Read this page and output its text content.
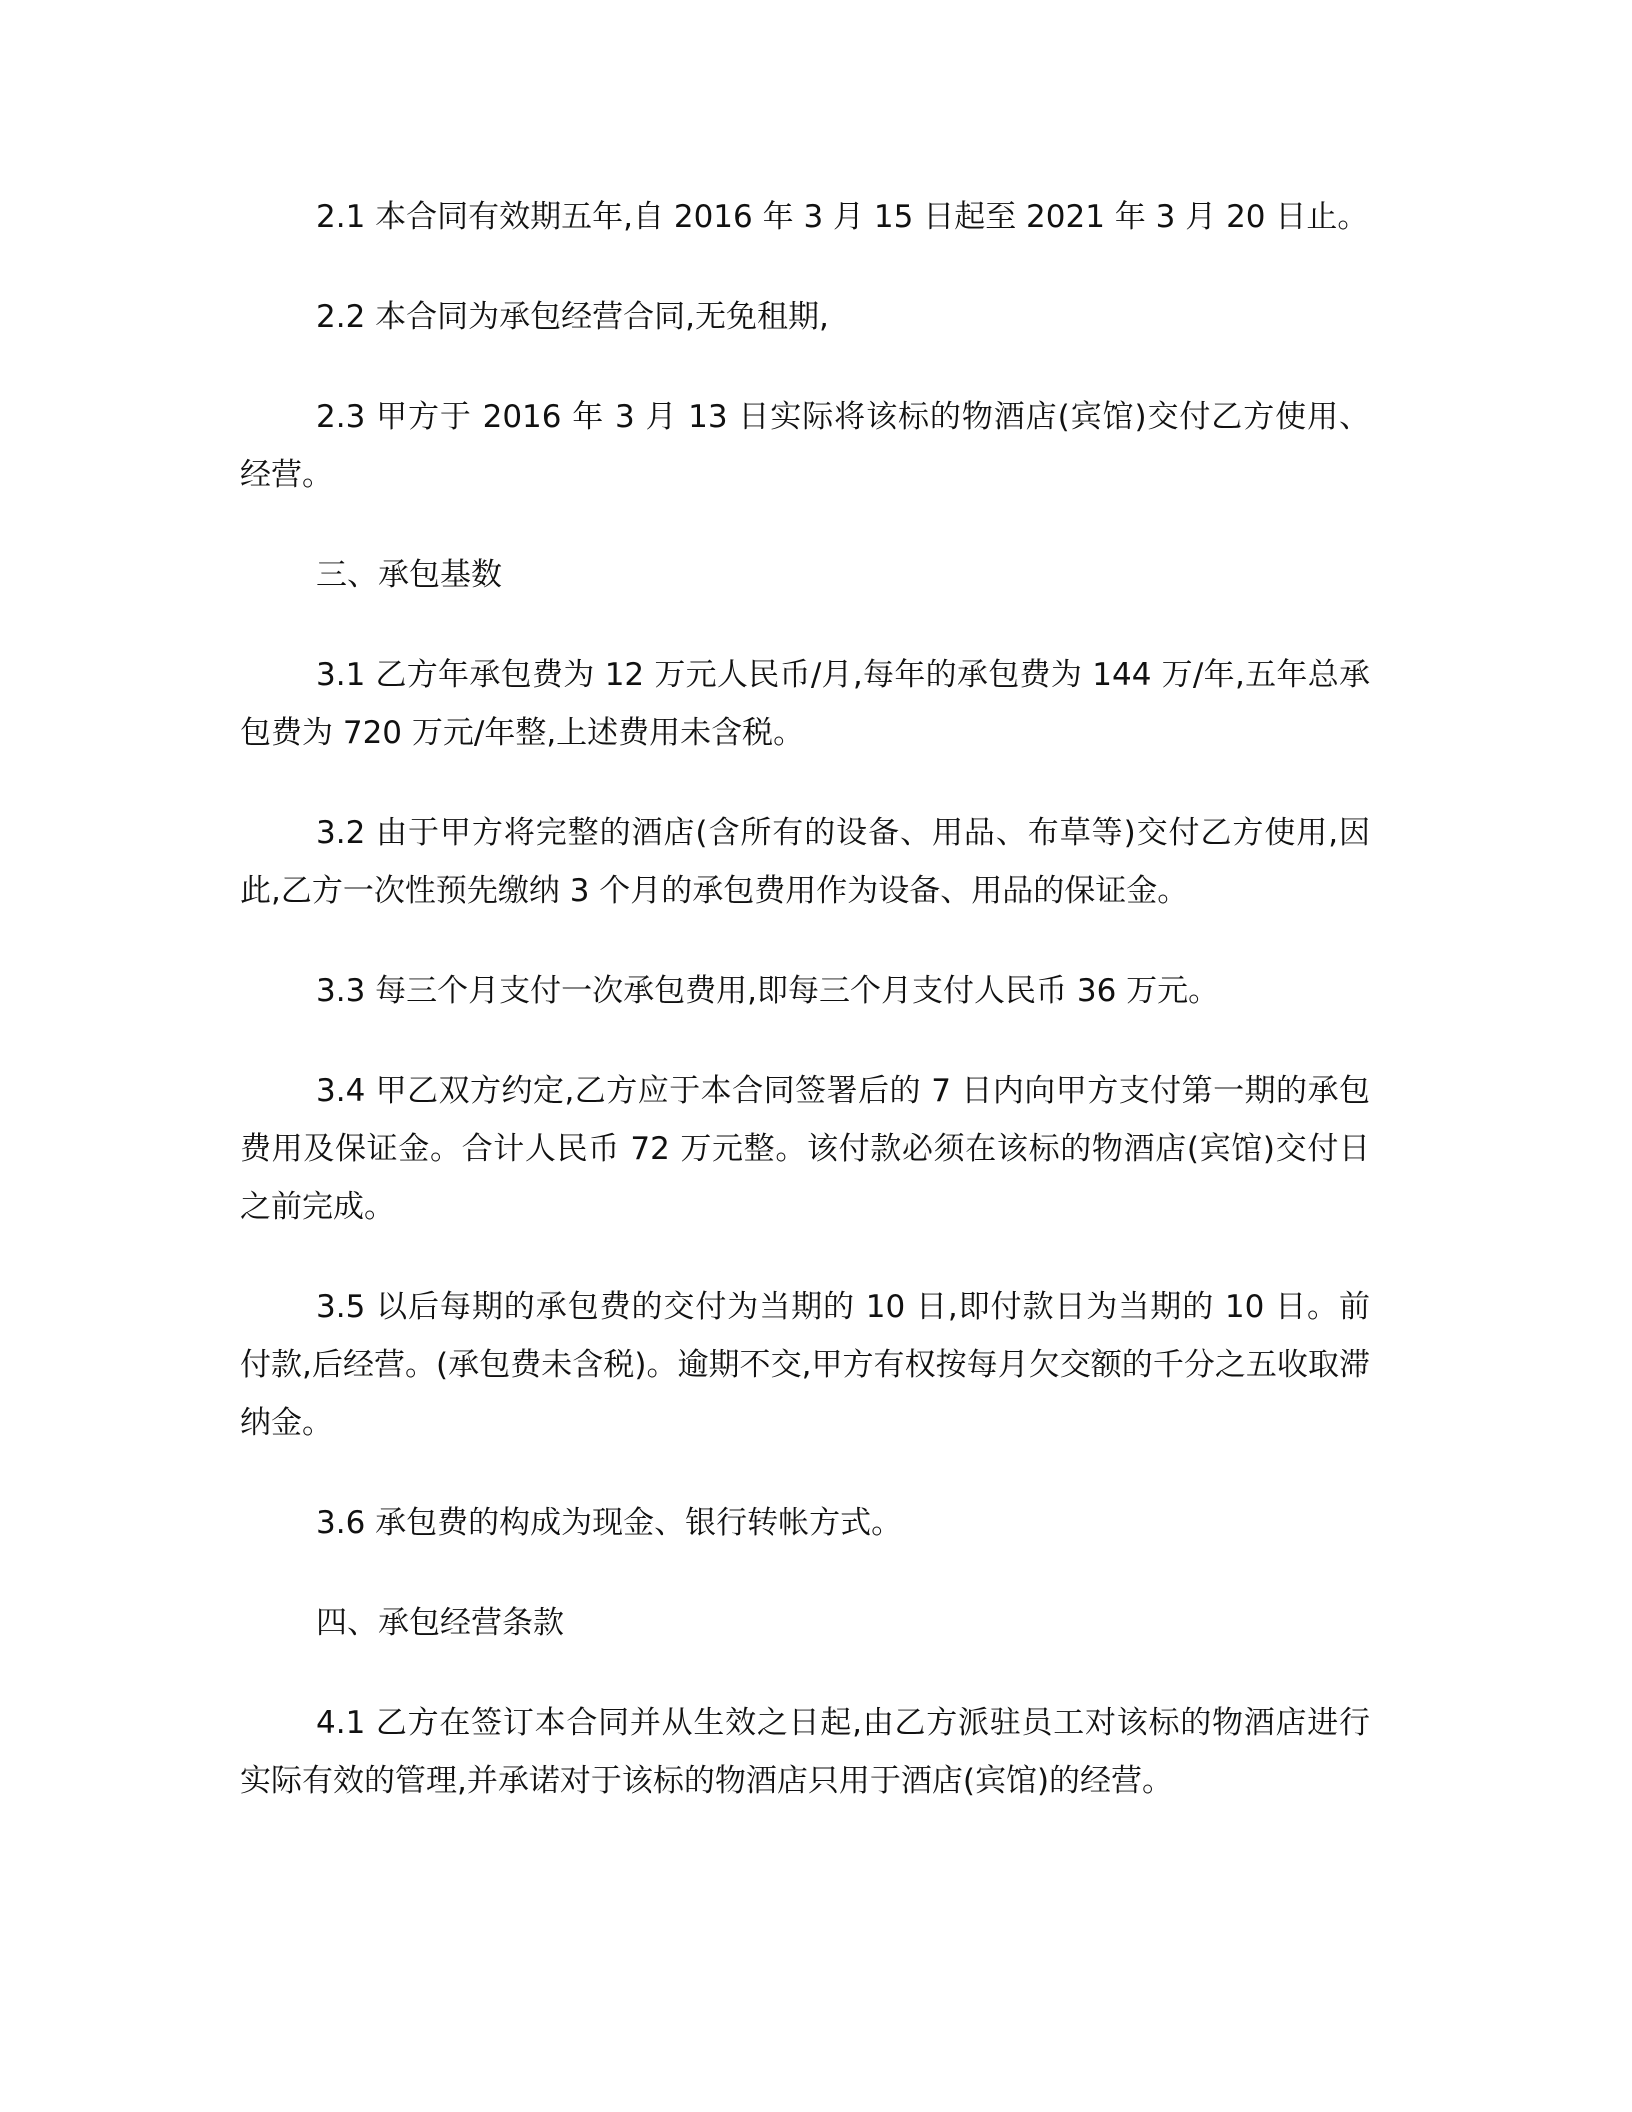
2.1 本合同有效期五年,自 2016 年 3 月 15 日起至 2021 年 3 月 20 日止。

2.2 本合同为承包经营合同,无免租期,

2.3 甲方于 2016 年 3 月 13 日实际将该标的物酒店(宾馆)交付乙方使用、经营。

三、承包基数

3.1 乙方年承包费为 12 万元人民币/月,每年的承包费为 144 万/年,五年总承包费为 720 万元/年整,上述费用未含税。

3.2 由于甲方将完整的酒店(含所有的设备、用品、布草等)交付乙方使用,因此,乙方一次性预先缴纳 3 个月的承包费用作为设备、用品的保证金。

3.3 每三个月支付一次承包费用,即每三个月支付人民币 36 万元。

3.4 甲乙双方约定,乙方应于本合同签署后的 7 日内向甲方支付第一期的承包费用及保证金。合计人民币 72 万元整。该付款必须在该标的物酒店(宾馆)交付日之前完成。

3.5 以后每期的承包费的交付为当期的 10 日,即付款日为当期的 10 日。前付款,后经营。(承包费未含税)。逾期不交,甲方有权按每月欠交额的千分之五收取滞纳金。

3.6 承包费的构成为现金、银行转帐方式。

四、承包经营条款

4.1 乙方在签订本合同并从生效之日起,由乙方派驻员工对该标的物酒店进行实际有效的管理,并承诺对于该标的物酒店只用于酒店(宾馆)的经营。
